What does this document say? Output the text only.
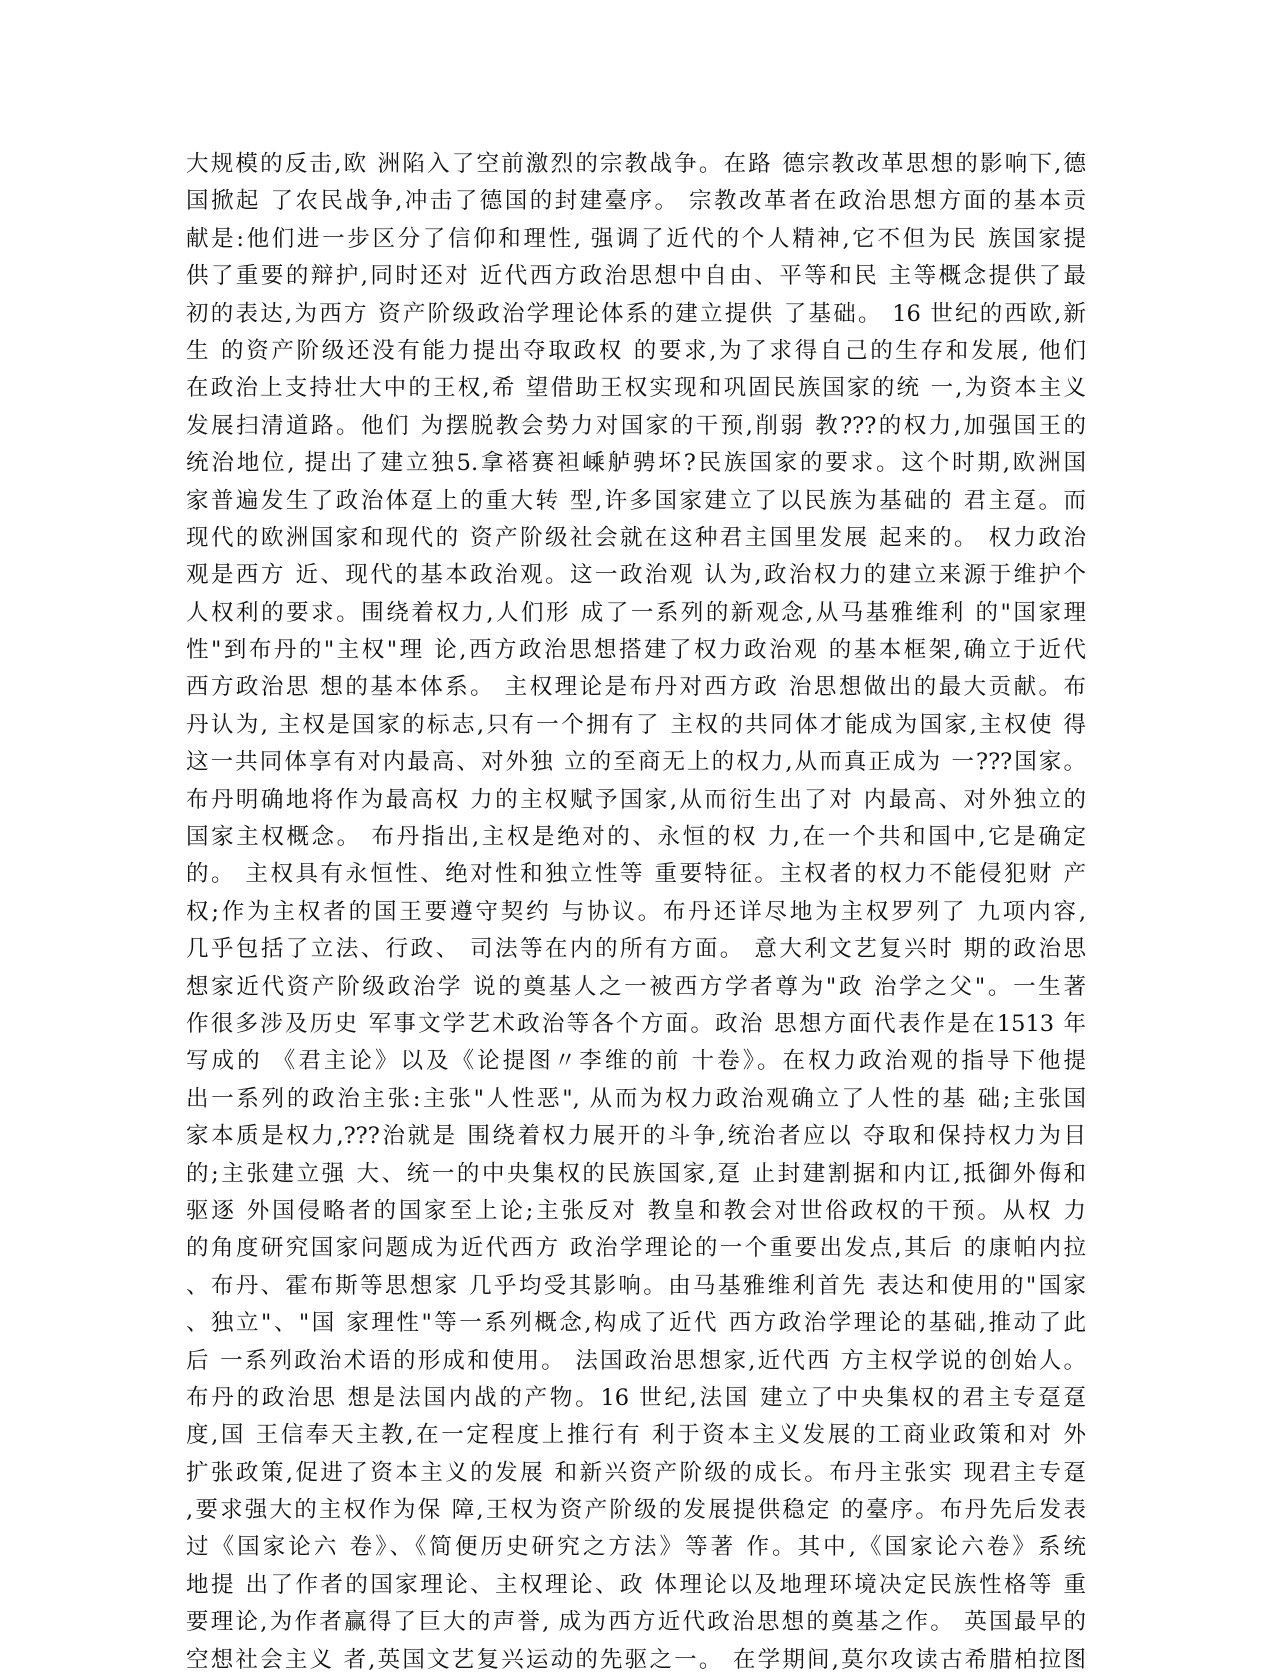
大规模的反击,欧 洲陷入了空前激烈的宗教战争。在路 德宗教改革思想的影响下,德
国掀起 了农民战争,冲击了德国的封建臺序。 宗教改革者在政治思想方面的基本贡
献是:他们进一步区分了信仰和理性, 强调了近代的个人精神,它不但为民 族国家提
供了重要的辩护,同时还对 近代西方政治思想中自由、平等和民 主等概念提供了最
初的表达,为西方 资产阶级政治学理论体系的建立提供 了基础。 16 世纪的西欧,新
生 的资产阶级还没有能力提出夺取政权 的要求,为了求得自己的生存和发展, 他们
在政治上支持壮大中的王权,希 望借助王权实现和巩固民族国家的统 一,为资本主义
发展扫清道路。他们 为摆脱教会势力对国家的干预,削弱 教???的权力,加强国王的
统治地位, 提出了建立独5.拿褡赛袒嵊舻骋坏?民族国家的要求。这个时期,欧洲国
家普遍发生了政治体趸上的重大转 型,许多国家建立了以民族为基础的 君主趸。而
现代的欧洲国家和现代的 资产阶级社会就在这种君主国里发展 起来的。 权力政治
观是西方 近、现代的基本政治观。这一政治观 认为,政治权力的建立来源于维护个
人权利的要求。围绕着权力,人们形 成了一系列的新观念,从马基雅维利 的"国家理
性"到布丹的"主权"理 论,西方政治思想搭建了权力政治观 的基本框架,确立于近代
西方政治思 想的基本体系。 主权理论是布丹对西方政 治思想做出的最大贡献。布
丹认为, 主权是国家的标志,只有一个拥有了 主权的共同体才能成为国家,主权使 得
这一共同体享有对内最高、对外独 立的至商无上的权力,从而真正成为 一???国家。
布丹明确地将作为最高权 力的主权赋予国家,从而衍生出了对 内最高、对外独立的
国家主权概念。 布丹指出,主权是绝对的、永恒的权 力,在一个共和国中,它是确定
的。 主权具有永恒性、绝对性和独立性等 重要特征。主权者的权力不能侵犯财 产
权;作为主权者的国王要遵守契约 与协议。布丹还详尽地为主权罗列了 九项内容,
几乎包括了立法、行政、 司法等在内的所有方面。 意大利文艺复兴时 期的政治思
想家近代资产阶级政治学 说的奠基人之一被西方学者尊为"政 治学之父"。一生著
作很多涉及历史 军事文学艺术政治等各个方面。政治 思想方面代表作是在1513 年
写成的 《君主论》以及《论提图〃李维的前 十卷》。在权力政治观的指导下他提
出一系列的政治主张:主张"人性恶", 从而为权力政治观确立了人性的基 础;主张国
家本质是权力,???治就是 围绕着权力展开的斗争,统治者应以 夺取和保持权力为目
的;主张建立强 大、统一的中央集权的民族国家,趸 止封建割据和内讧,抵御外侮和
驱逐 外国侵略者的国家至上论;主张反对 教皇和教会对世俗政权的干预。从权 力
的角度研究国家问题成为近代西方 政治学理论的一个重要出发点,其后 的康帕内拉
、布丹、霍布斯等思想家 几乎均受其影响。由马基雅维利首先 表达和使用的"国家
、独立"、"国 家理性"等一系列概念,构成了近代 西方政治学理论的基础,推动了此
后 一系列政治术语的形成和使用。 法国政治思想家,近代西 方主权学说的创始人。
布丹的政治思 想是法国内战的产物。16 世纪,法国 建立了中央集权的君主专趸趸
度,国 王信奉天主教,在一定程度上推行有 利于资本主义发展的工商业政策和对 外
扩张政策,促进了资本主义的发展 和新兴资产阶级的成长。布丹主张实 现君主专趸
,要求强大的主权作为保 障,王权为资产阶级的发展提供稳定 的臺序。布丹先后发表
过《国家论六 卷》、《简便历史研究之方法》等著 作。其中,《国家论六卷》系统
地提 出了作者的国家理论、主权理论、政 体理论以及地理环境决定民族性格等 重
要理论,为作者赢得了巨大的声誉, 成为西方近代政治思想的奠基之作。 英国最早的
空想社会主义 者,英国文艺复兴运动的先驱之一。 在学期间,莫尔攻读古希腊柏拉图
